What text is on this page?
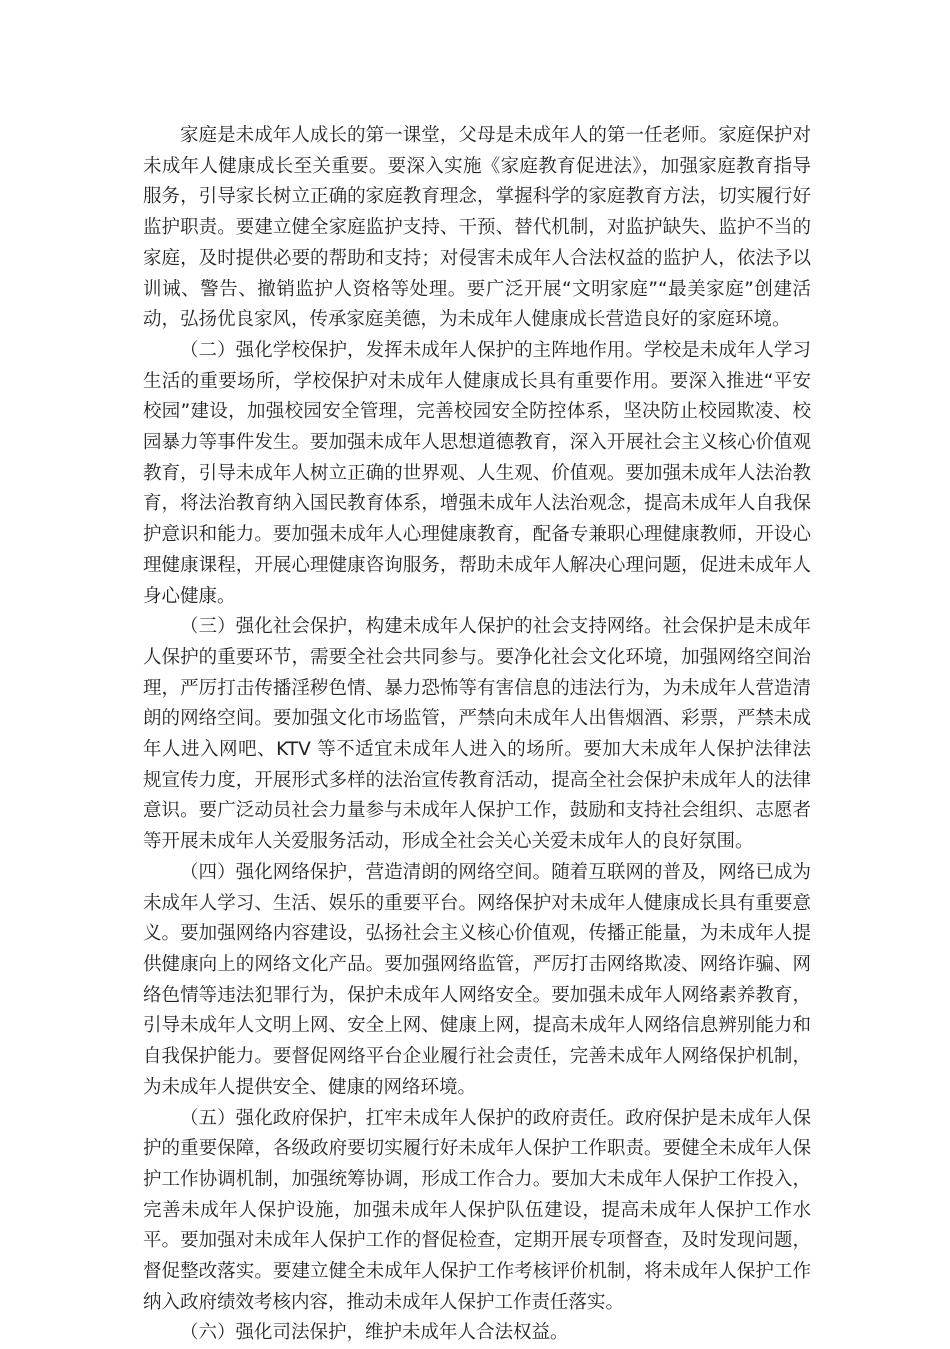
家庭是未成年人成长的第一课堂，父母是未成年人的第一任老师。家庭保护对未成年人健康成长至关重要。要深入实施《家庭教育促进法》，加强家庭教育指导服务，引导家长树立正确的家庭教育理念，掌握科学的家庭教育方法，切实履行好监护职责。要建立健全家庭监护支持、干预、替代机制，对监护缺失、监护不当的家庭，及时提供必要的帮助和支持；对侵害未成年人合法权益的监护人，依法予以训诫、警告、撤销监护人资格等处理。要广泛开展“文明家庭”“最美家庭”创建活动，弘扬优良家风，传承家庭美德，为未成年人健康成长营造良好的家庭环境。

（二）强化学校保护，发挥未成年人保护的主阵地作用。学校是未成年人学习生活的重要场所，学校保护对未成年人健康成长具有重要作用。要深入推进“平安校园”建设，加强校园安全管理，完善校园安全防控体系，坚决防止校园欺凌、校园暴力等事件发生。要加强未成年人思想道德教育，深入开展社会主义核心价值观教育，引导未成年人树立正确的世界观、人生观、价值观。要加强未成年人法治教育，将法治教育纳入国民教育体系，增强未成年人法治观念，提高未成年人自我保护意识和能力。要加强未成年人心理健康教育，配备专兼职心理健康教师，开设心理健康课程，开展心理健康咨询服务，帮助未成年人解决心理问题，促进未成年人身心健康。

（三）强化社会保护，构建未成年人保护的社会支持网络。社会保护是未成年人保护的重要环节，需要全社会共同参与。要净化社会文化环境，加强网络空间治理，严厉打击传播淫秽色情、暴力恐怖等有害信息的违法行为，为未成年人营造清朗的网络空间。要加强文化市场监管，严禁向未成年人出售烟酒、彩票，严禁未成年人进入网吧、KTV 等不适宜未成年人进入的场所。要加大未成年人保护法律法规宣传力度，开展形式多样的法治宣传教育活动，提高全社会保护未成年人的法律意识。要广泛动员社会力量参与未成年人保护工作，鼓励和支持社会组织、志愿者等开展未成年人关爱服务活动，形成全社会关心关爱未成年人的良好氛围。

（四）强化网络保护，营造清朗的网络空间。随着互联网的普及，网络已成为未成年人学习、生活、娱乐的重要平台。网络保护对未成年人健康成长具有重要意义。要加强网络内容建设，弘扬社会主义核心价值观，传播正能量，为未成年人提供健康向上的网络文化产品。要加强网络监管，严厉打击网络欺凌、网络诈骗、网络色情等违法犯罪行为，保护未成年人网络安全。要加强未成年人网络素养教育，引导未成年人文明上网、安全上网、健康上网，提高未成年人网络信息辨别能力和自我保护能力。要督促网络平台企业履行社会责任，完善未成年人网络保护机制，为未成年人提供安全、健康的网络环境。

（五）强化政府保护，扛牢未成年人保护的政府责任。政府保护是未成年人保护的重要保障，各级政府要切实履行好未成年人保护工作职责。要健全未成年人保护工作协调机制，加强统筹协调，形成工作合力。要加大未成年人保护工作投入，完善未成年人保护设施，加强未成年人保护队伍建设，提高未成年人保护工作水平。要加强对未成年人保护工作的督促检查，定期开展专项督查，及时发现问题，督促整改落实。要建立健全未成年人保护工作考核评价机制，将未成年人保护工作纳入政府绩效考核内容，推动未成年人保护工作责任落实。

（六）强化司法保护，维护未成年人合法权益。
